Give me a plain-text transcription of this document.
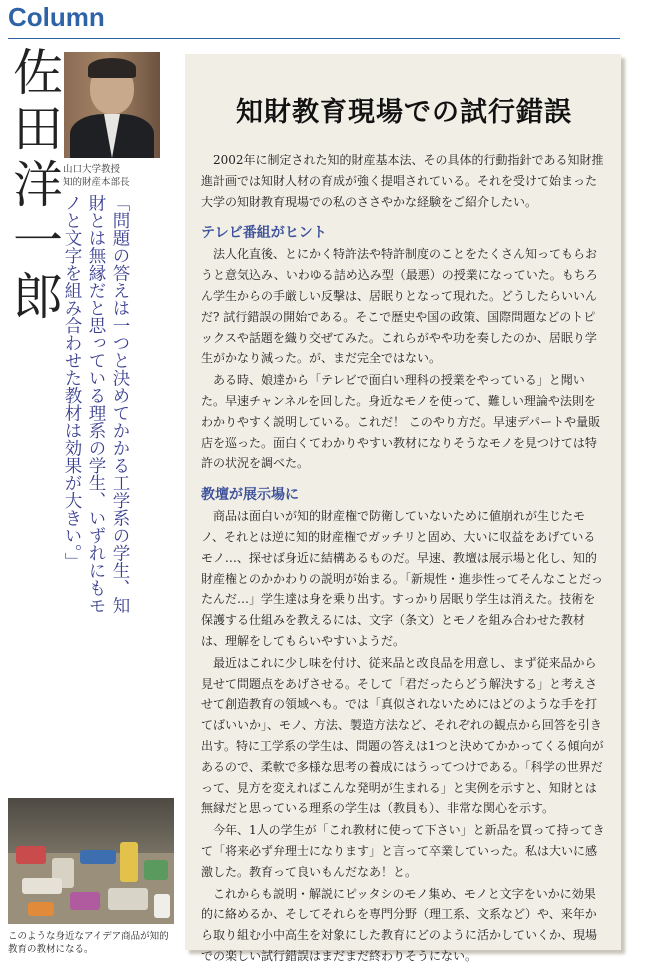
Column
佐田洋一郎 山口大学教授
知的財産本部長
「問題の答えは一つと決めてかかる工学系の学生、知財とは無縁だと思っている理系の学生、いずれにもモノと文字を組み合わせた教材は効果が大きい。」
このような身近なアイデア商品が知的教育の教材になる。
知財教育現場での試行錯誤

2002年に制定された知的財産基本法、その具体的行動指針である知財推進計画では知財人材の育成が強く提唱されている。それを受けて始まった大学の知財教育現場での私のささやかな経験をご紹介したい。

テレビ番組がヒント

法人化直後、とにかく特許法や特許制度のことをたくさん知ってもらおうと意気込み、いわゆる詰め込み型（最悪）の授業になっていた。もちろん学生からの手厳しい反撃は、居眠りとなって現れた。どうしたらいいんだ? 試行錯誤の開始である。そこで歴史や国の政策、国際問題などのトピックスや話題を織り交ぜてみた。これらがやや功を奏したのか、居眠り学生がかなり減った。が、まだ完全ではない。

ある時、娘達から「テレビで面白い理科の授業をやっている」と聞いた。早速チャンネルを回した。身近なモノを使って、難しい理論や法則をわかりやすく説明している。これだ！ このやり方だ。早速デパートや量販店を巡った。面白くてわかりやすい教材になりそうなモノを見つけては特許の状況を調べた。

教壇が展示場に

商品は面白いが知的財産権で防衛していないために値崩れが生じたモノ、それとは逆に知的財産権でガッチリと固め、大いに収益をあげているモノ…、探せば身近に結構あるものだ。早速、教壇は展示場と化し、知的財産権とのかかわりの説明が始まる。「新規性・進歩性ってそんなことだったんだ…」学生達は身を乗り出す。すっかり居眠り学生は消えた。技術を保護する仕組みを教えるには、文字（条文）とモノを組み合わせた教材は、理解をしてもらいやすいようだ。

最近はこれに少し味を付け、従来品と改良品を用意し、まず従来品から見せて問題点をあげさせる。そして「君だったらどう解決する」と考えさせて創造教育の領域へも。では「真似されないためにはどのような手を打てばいいか」、モノ、方法、製造方法など、それぞれの観点から回答を引き出す。特に工学系の学生は、問題の答えは1つと決めてかかってくる傾向があるので、柔軟で多様な思考の養成にはうってつけである。「科学の世界だって、見方を変えればこんな発明が生まれる」と実例を示すと、知財とは無縁だと思っている理系の学生は（教員も）、非常な関心を示す。

今年、1人の学生が「これ教材に使って下さい」と新品を買って持ってきて「将来必ず弁理士になります」と言って卒業していった。私は大いに感激した。教育って良いもんだなあ！と。

これからも説明・解説にピッタシのモノ集め、モノと文字をいかに効果的に絡めるか、そしてそれらを専門分野（理工系、文系など）や、来年から取り組む小中高生を対象にした教育にどのように活かしていくか、現場での楽しい試行錯誤はまだまだ終わりそうにない。
